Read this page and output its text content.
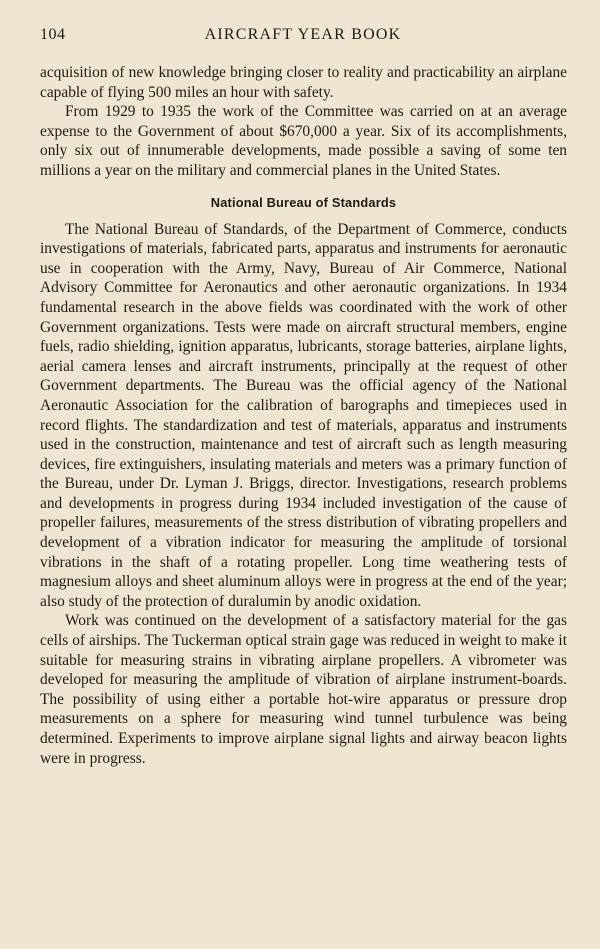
104	AIRCRAFT YEAR BOOK

acquisition of new knowledge bringing closer to reality and practicability an airplane capable of flying 500 miles an hour with safety.

From 1929 to 1935 the work of the Committee was carried on at an average expense to the Government of about $670,000 a year. Six of its accomplishments, only six out of innumerable developments, made possible a saving of some ten millions a year on the military and commercial planes in the United States.

National Bureau of Standards

The National Bureau of Standards, of the Department of Commerce, conducts investigations of materials, fabricated parts, apparatus and instruments for aeronautic use in cooperation with the Army, Navy, Bureau of Air Commerce, National Advisory Committee for Aeronautics and other aeronautic organizations. In 1934 fundamental research in the above fields was coordinated with the work of other Government organizations. Tests were made on aircraft structural members, engine fuels, radio shielding, ignition apparatus, lubricants, storage batteries, airplane lights, aerial camera lenses and aircraft instruments, principally at the request of other Government departments. The Bureau was the official agency of the National Aeronautic Association for the calibration of barographs and timepieces used in record flights. The standardization and test of materials, apparatus and instruments used in the construction, maintenance and test of aircraft such as length measuring devices, fire extinguishers, insulating materials and meters was a primary function of the Bureau, under Dr. Lyman J. Briggs, director. Investigations, research problems and developments in progress during 1934 included investigation of the cause of propeller failures, measurements of the stress distribution of vibrating propellers and development of a vibration indicator for measuring the amplitude of torsional vibrations in the shaft of a rotating propeller. Long time weathering tests of magnesium alloys and sheet aluminum alloys were in progress at the end of the year; also study of the protection of duralumin by anodic oxidation.

Work was continued on the development of a satisfactory material for the gas cells of airships. The Tuckerman optical strain gage was reduced in weight to make it suitable for measuring strains in vibrating airplane propellers. A vibrometer was developed for measuring the amplitude of vibration of airplane instrument-boards. The possibility of using either a portable hot-wire apparatus or pressure drop measurements on a sphere for measuring wind tunnel turbulence was being determined. Experiments to improve airplane signal lights and airway beacon lights were in progress.
